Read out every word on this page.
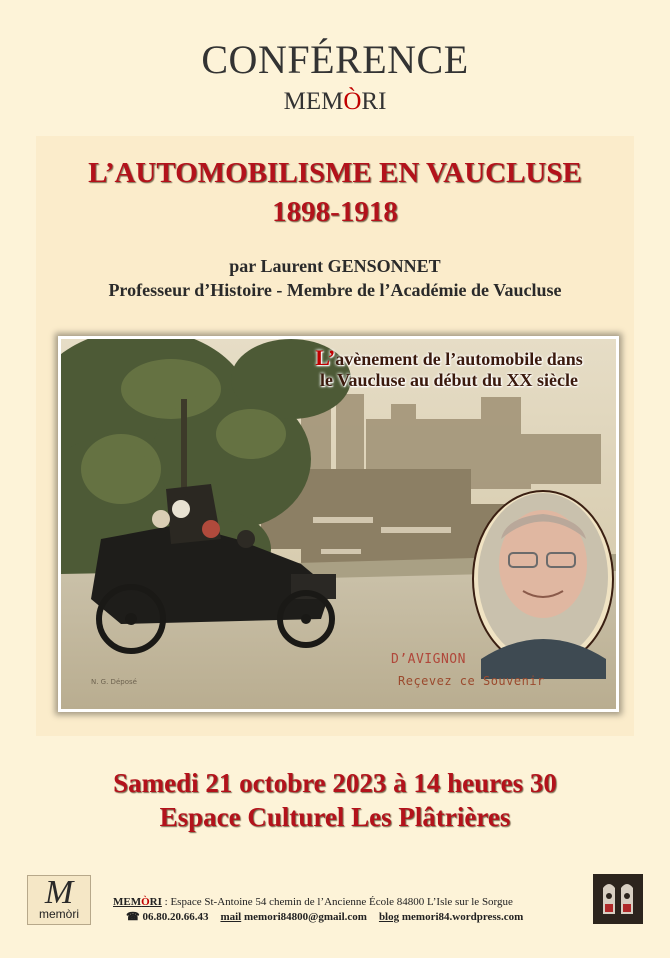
CONFÉRENCE
MEMÒRI
L’AUTOMOBILISME EN VAUCLUSE
1898-1918
par Laurent GENSONNET
Professeur d’Histoire - Membre de l’Académie de Vaucluse
L’avènement de l’automobile dans
le Vaucluse au début du XX siècle
D’AVIGNON
Reçevez ce Souvenir
N. G. Déposé
Samedi 21 octobre 2023 à 14 heures 30
Espace Culturel Les Plâtrières
M
memòri
MEMÒRI : Espace St-Antoine 54 chemin de l’Ancienne École 84800 L’Isle sur le Sorgue
☎ 06.80.20.66.43 mail memori84800@gmail.com blog memori84.wordpress.com
